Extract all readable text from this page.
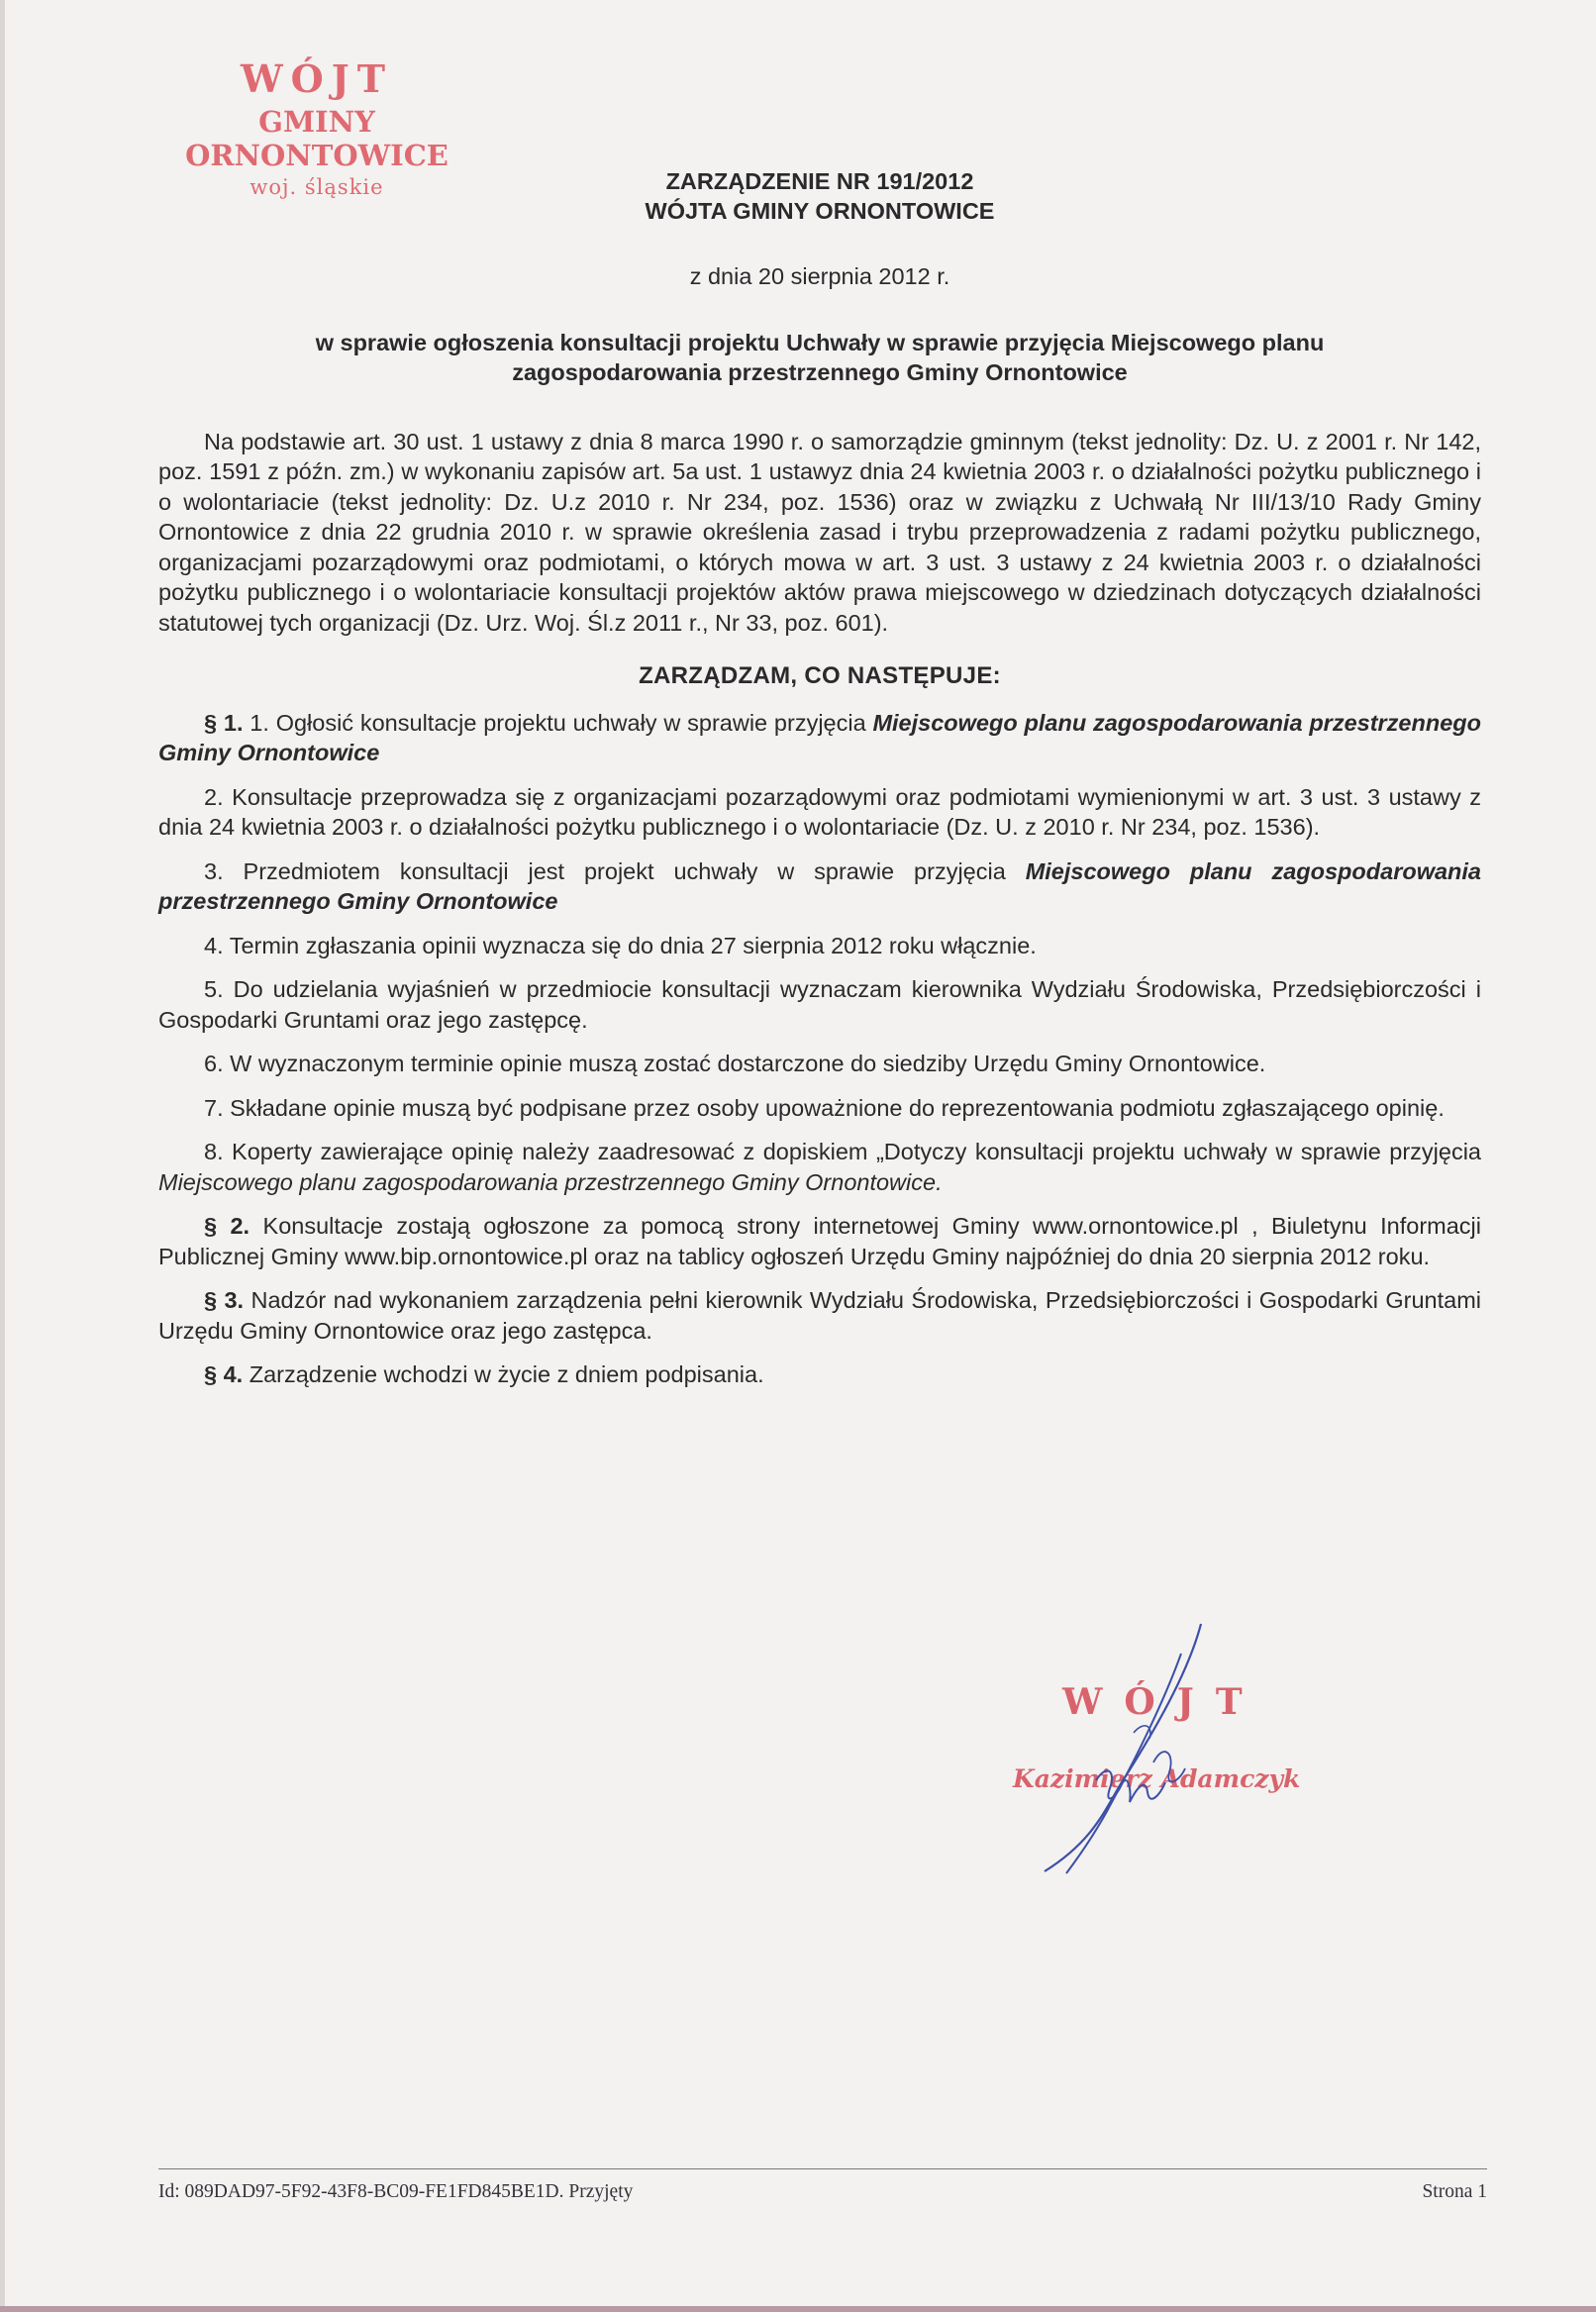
WÓJT
GMINY ORNONTOWICE
woj. śląskie	ZARZĄDZENIE NR 191/2012
WÓJTA GMINY ORNONTOWICE
z dnia 20 sierpnia 2012 r.
w sprawie ogłoszenia konsultacji projektu Uchwały w sprawie przyjęcia Miejscowego planu
zagospodarowania przestrzennego Gminy Ornontowice

Na podstawie art. 30 ust. 1 ustawy z dnia 8 marca 1990 r. o samorządzie gminnym (tekst jednolity: Dz. U. z 2001 r. Nr 142, poz. 1591 z późn. zm.) w wykonaniu zapisów art. 5a ust. 1 ustawyz dnia 24 kwietnia 2003 r. o działalności pożytku publicznego i o wolontariacie (tekst jednolity: Dz. U.z 2010 r. Nr 234, poz. 1536) oraz w związku z Uchwałą Nr III/13/10 Rady Gminy Ornontowice z dnia 22 grudnia 2010 r. w sprawie określenia zasad i trybu przeprowadzenia z radami pożytku publicznego, organizacjami pozarządowymi oraz podmiotami, o których mowa w art. 3 ust. 3 ustawy z 24 kwietnia 2003 r. o działalności pożytku publicznego i o wolontariacie konsultacji projektów aktów prawa miejscowego w dziedzinach dotyczących działalności statutowej tych organizacji (Dz. Urz. Woj. Śl.z 2011 r., Nr 33, poz. 601).

ZARZĄDZAM, CO NASTĘPUJE:

§ 1. 1. Ogłosić konsultacje projektu uchwały w sprawie przyjęcia Miejscowego planu zagospodarowania przestrzennego Gminy Ornontowice

2. Konsultacje przeprowadza się z organizacjami pozarządowymi oraz podmiotami wymienionymi w art. 3 ust. 3 ustawy z dnia 24 kwietnia 2003 r. o działalności pożytku publicznego i o wolontariacie (Dz. U. z 2010 r. Nr 234, poz. 1536).

3. Przedmiotem konsultacji jest projekt uchwały w sprawie przyjęcia Miejscowego planu zagospodarowania przestrzennego Gminy Ornontowice

4. Termin zgłaszania opinii wyznacza się do dnia 27 sierpnia 2012 roku włącznie.

5. Do udzielania wyjaśnień w przedmiocie konsultacji wyznaczam kierownika Wydziału Środowiska, Przedsiębiorczości i Gospodarki Gruntami oraz jego zastępcę.

6. W wyznaczonym terminie opinie muszą zostać dostarczone do siedziby Urzędu Gminy Ornontowice.

7. Składane opinie muszą być podpisane przez osoby upoważnione do reprezentowania podmiotu zgłaszającego opinię.

8. Koperty zawierające opinię należy zaadresować z dopiskiem „Dotyczy konsultacji projektu uchwały w sprawie przyjęcia Miejscowego planu zagospodarowania przestrzennego Gminy Ornontowice.

§ 2. Konsultacje zostają ogłoszone za pomocą strony internetowej Gminy www.ornontowice.pl , Biuletynu Informacji Publicznej Gminy www.bip.ornontowice.pl oraz na tablicy ogłoszeń Urzędu Gminy najpóźniej do dnia 20 sierpnia 2012 roku.

§ 3. Nadzór nad wykonaniem zarządzenia pełni kierownik Wydziału Środowiska, Przedsiębiorczości i Gospodarki Gruntami Urzędu Gminy Ornontowice oraz jego zastępca.

§ 4. Zarządzenie wchodzi w życie z dniem podpisania.

WÓJT
Kazimierz Adamczyk
Id: 089DAD97-5F92-43F8-BC09-FE1FD845BE1D. Przyjęty	Strona 1
